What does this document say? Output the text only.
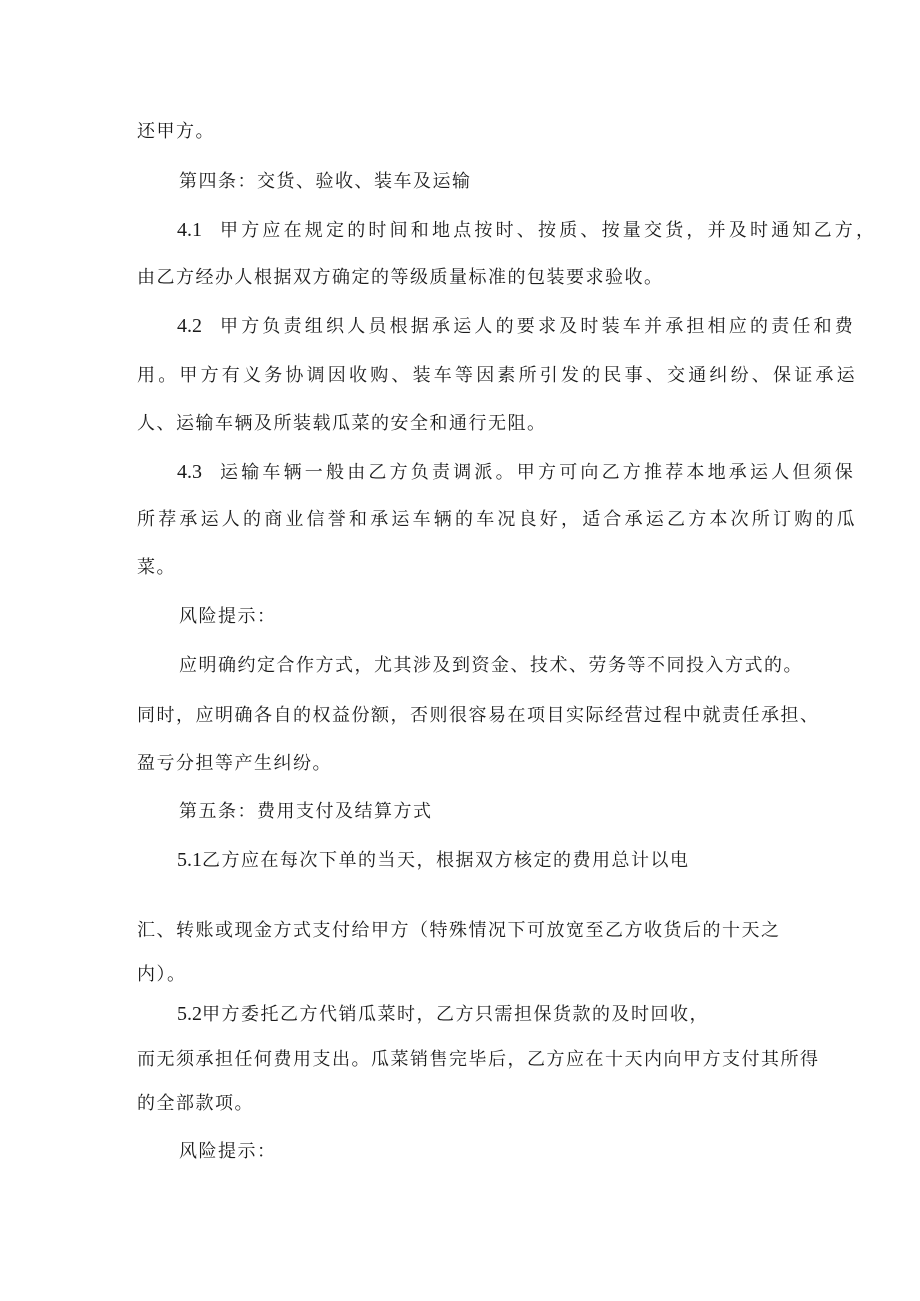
还甲方。
第四条：交货、验收、装车及运输
4.1 甲方应在规定的时间和地点按时、按质、按量交货，并及时通知乙方，
由乙方经办人根据双方确定的等级质量标准的包装要求验收。
4.2 甲方负责组织人员根据承运人的要求及时装车并承担相应的责任和费
用。甲方有义务协调因收购、装车等因素所引发的民事、交通纠纷、保证承运
人、运输车辆及所装载瓜菜的安全和通行无阻。
4.3 运输车辆一般由乙方负责调派。甲方可向乙方推荐本地承运人但须保
所荐承运人的商业信誉和承运车辆的车况良好，适合承运乙方本次所订购的瓜
菜。
风险提示：
应明确约定合作方式，尤其涉及到资金、技术、劳务等不同投入方式的。
同时，应明确各自的权益份额，否则很容易在项目实际经营过程中就责任承担、
盈亏分担等产生纠纷。
第五条：费用支付及结算方式
5.1乙方应在每次下单的当天，根据双方核定的费用总计以电
汇、转账或现金方式支付给甲方（特殊情况下可放宽至乙方收货后的十天之
内）。
5.2甲方委托乙方代销瓜菜时，乙方只需担保货款的及时回收，
而无须承担任何费用支出。瓜菜销售完毕后，乙方应在十天内向甲方支付其所得
的全部款项。
风险提示：
